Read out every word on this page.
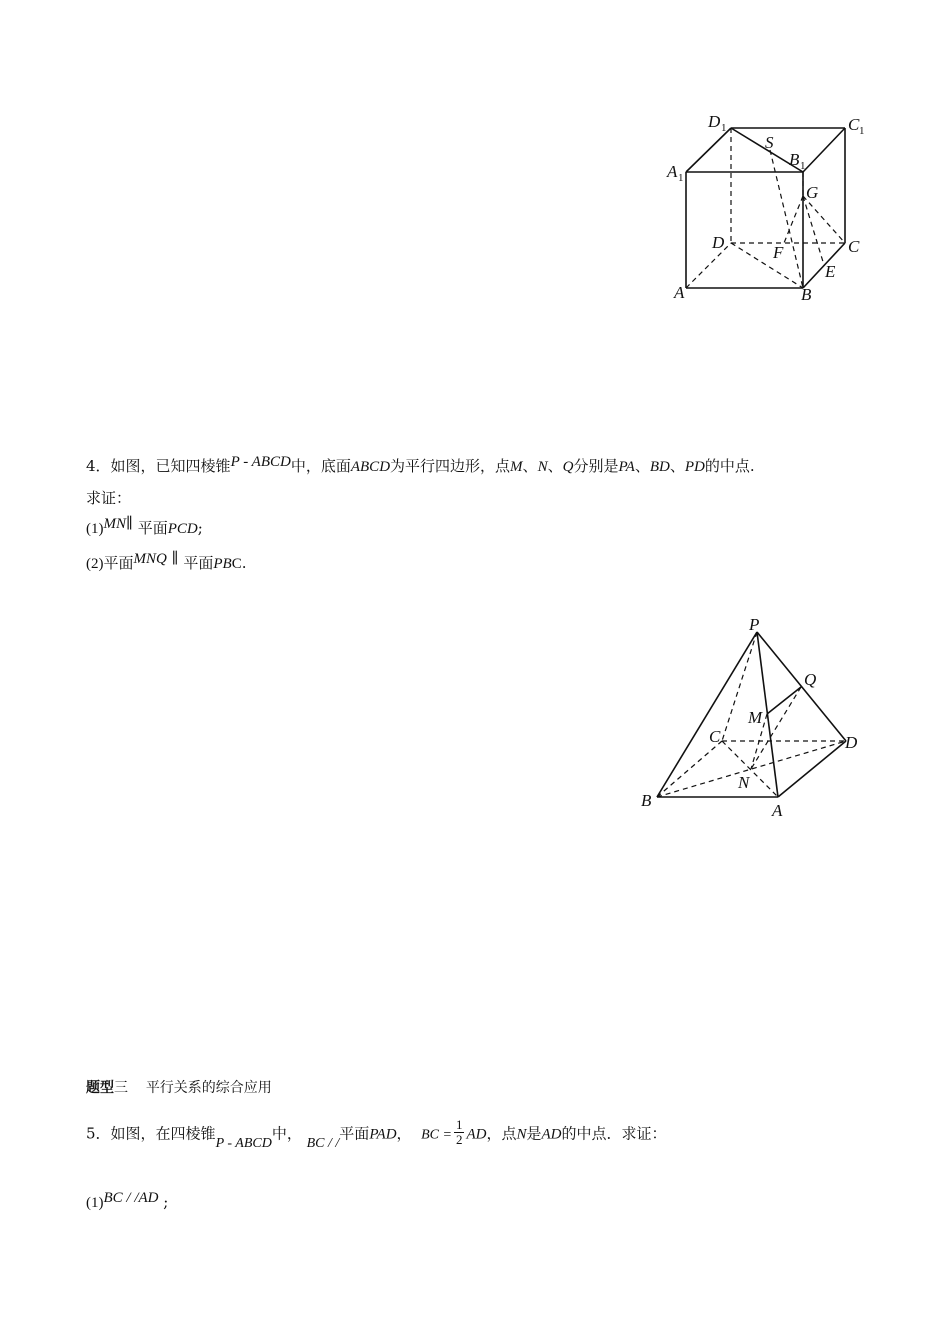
D 1	C 1
A 1
B 1
S
G
D	C
F
E
A	B
4．如图，已知四棱锥P - ABCD中，底面ABCD为平行四边形，点M、N、Q分别是PA、BD、PD的中点.
求证：
(1)MN∥ 平面PCD;
(2)平面MNQ ∥ 平面PBC.
P
Q
M
C	D
N
B
A
题型三 平行关系的综合应用
5．如图，在四棱锥P - ABCD中， BC / /平面PAD， BC = $\frac{1}{2}$ AD，点N是AD的中点．求证：
(1)BC / /AD ;
